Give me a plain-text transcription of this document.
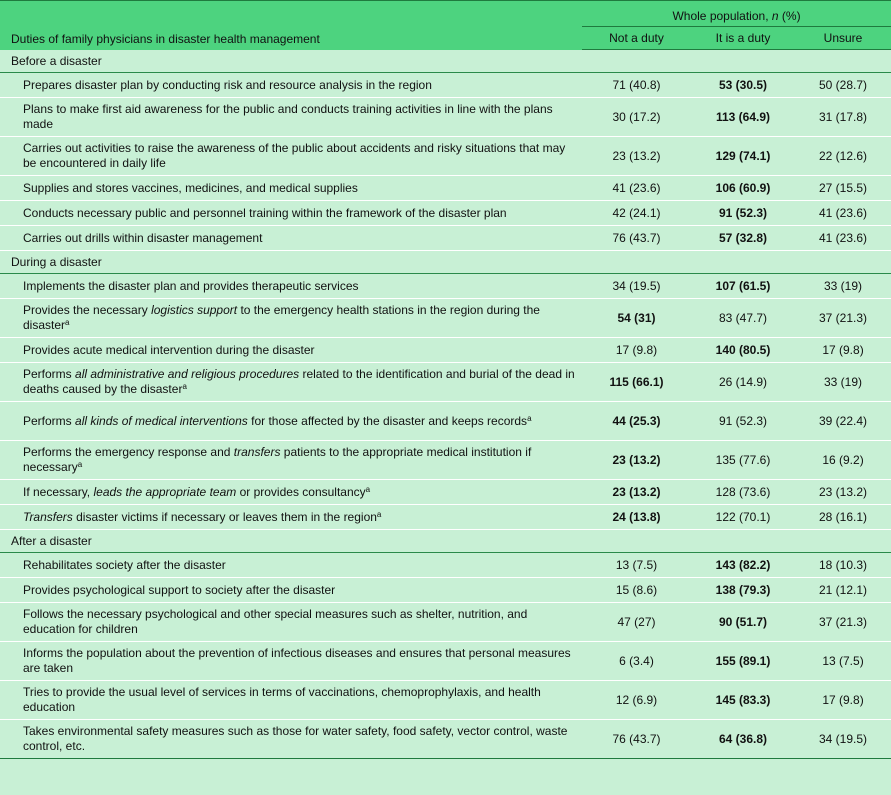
Duties of family physicians in disaster health management	Whole population, n (%)		
	Not a duty	It is a duty	Unsure
Before a disaster			
Prepares disaster plan by conducting risk and resource analysis in the region	71 (40.8)	53 (30.5)	50 (28.7)
Plans to make first aid awareness for the public and conducts training activities in line with the plans made	30 (17.2)	113 (64.9)	31 (17.8)
Carries out activities to raise the awareness of the public about accidents and risky situations that may be encountered in daily life	23 (13.2)	129 (74.1)	22 (12.6)
Supplies and stores vaccines, medicines, and medical supplies	41 (23.6)	106 (60.9)	27 (15.5)
Conducts necessary public and personnel training within the framework of the disaster plan	42 (24.1)	91 (52.3)	41 (23.6)
Carries out drills within disaster management	76 (43.7)	57 (32.8)	41 (23.6)
During a disaster			
Implements the disaster plan and provides therapeutic services	34 (19.5)	107 (61.5)	33 (19)
Provides the necessary logistics support to the emergency health stations in the region during the disaster$^a$	54 (31)	83 (47.7)	37 (21.3)
Provides acute medical intervention during the disaster	17 (9.8)	140 (80.5)	17 (9.8)
Performs all administrative and religious procedures related to the identification and burial of the dead in deaths caused by the disaster$^a$	115 (66.1)	26 (14.9)	33 (19)
Performs all kinds of medical interventions for those affected by the disaster and keeps records$^a$	44 (25.3)	91 (52.3)	39 (22.4)
Performs the emergency response and transfers patients to the appropriate medical institution if necessary$^a$	23 (13.2)	135 (77.6)	16 (9.2)
If necessary, leads the appropriate team or provides consultancy$^a$	23 (13.2)	128 (73.6)	23 (13.2)
Transfers disaster victims if necessary or leaves them in the region$^a$	24 (13.8)	122 (70.1)	28 (16.1)
After a disaster			
Rehabilitates society after the disaster	13 (7.5)	143 (82.2)	18 (10.3)
Provides psychological support to society after the disaster	15 (8.6)	138 (79.3)	21 (12.1)
Follows the necessary psychological and other special measures such as shelter, nutrition, and education for children	47 (27)	90 (51.7)	37 (21.3)
Informs the population about the prevention of infectious diseases and ensures that personal measures are taken	6 (3.4)	155 (89.1)	13 (7.5)
Tries to provide the usual level of services in terms of vaccinations, chemoprophylaxis, and health education	12 (6.9)	145 (83.3)	17 (9.8)
Takes environmental safety measures such as those for water safety, food safety, vector control, waste control, etc.	76 (43.7)	64 (36.8)	34 (19.5)
